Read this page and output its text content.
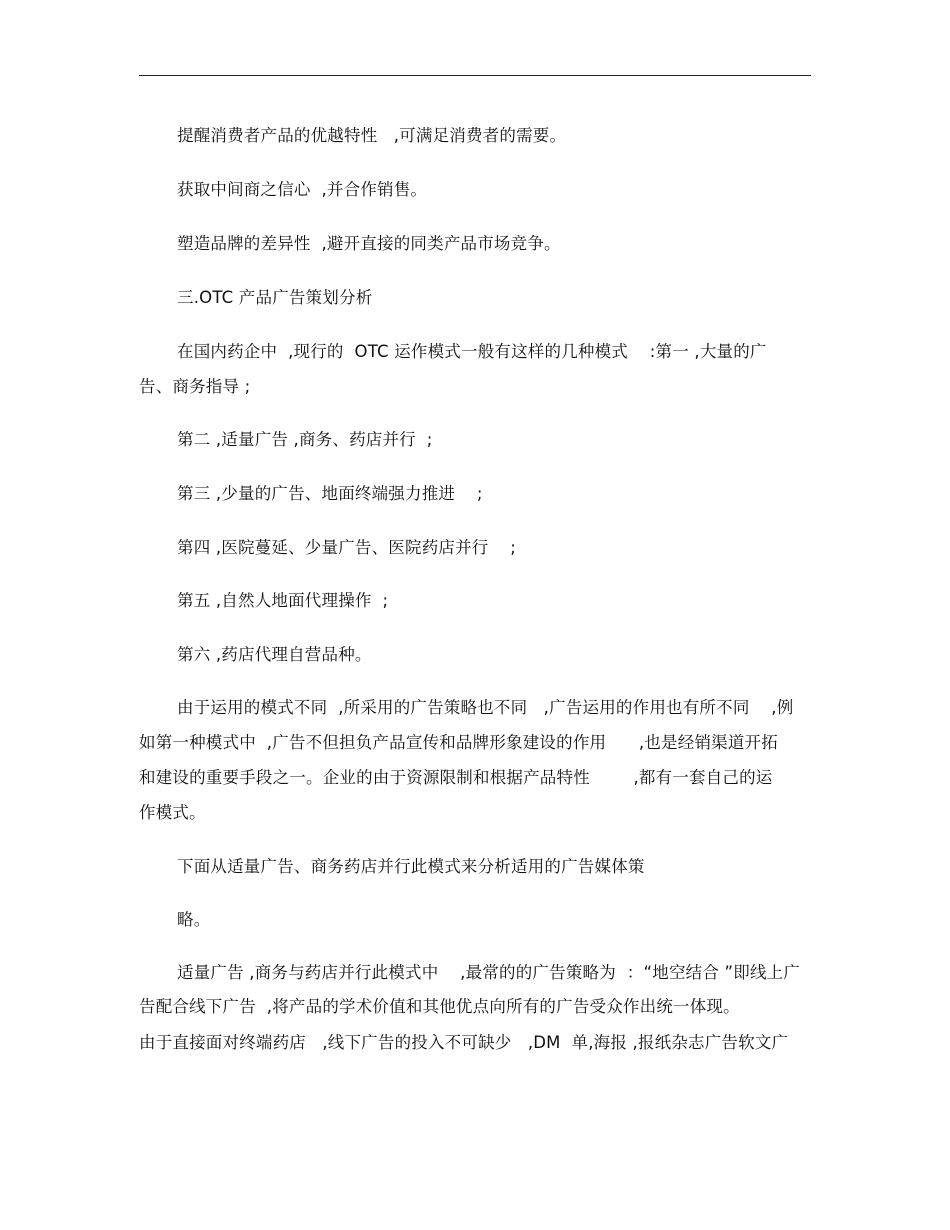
提醒消费者产品的优越特性   ,可满足消费者的需要。
获取中间商之信心  ,并合作销售。
塑造品牌的差异性  ,避开直接的同类产品市场竞争。
三.OTC 产品广告策划分析
在国内药企中  ,现行的  OTC 运作模式一般有这样的几种模式    :第一 ,大量的广
告、商务指导 ;
第二 ,适量广告 ,商务、药店并行  ;
第三 ,少量的广告、地面终端强力推进    ;
第四 ,医院蔓延、少量广告、医院药店并行    ;
第五 ,自然人地面代理操作  ;
第六 ,药店代理自营品种。
由于运用的模式不同  ,所采用的广告策略也不同   ,广告运用的作用也有所不同    ,例
如第一种模式中  ,广告不但担负产品宣传和品牌形象建设的作用      ,也是经销渠道开拓
和建设的重要手段之一。企业的由于资源限制和根据产品特性        ,都有一套自己的运
作模式。
下面从适量广告、商务药店并行此模式来分析适用的广告媒体策
略。
适量广告 ,商务与药店并行此模式中    ,最常的的广告策略为  ：“地空结合 ”即线上广
告配合线下广告  ,将产品的学术价值和其他优点向所有的广告受众作出统一体现。
由于直接面对终端药店   ,线下广告的投入不可缺少   ,DM  单,海报 ,报纸杂志广告软文广
